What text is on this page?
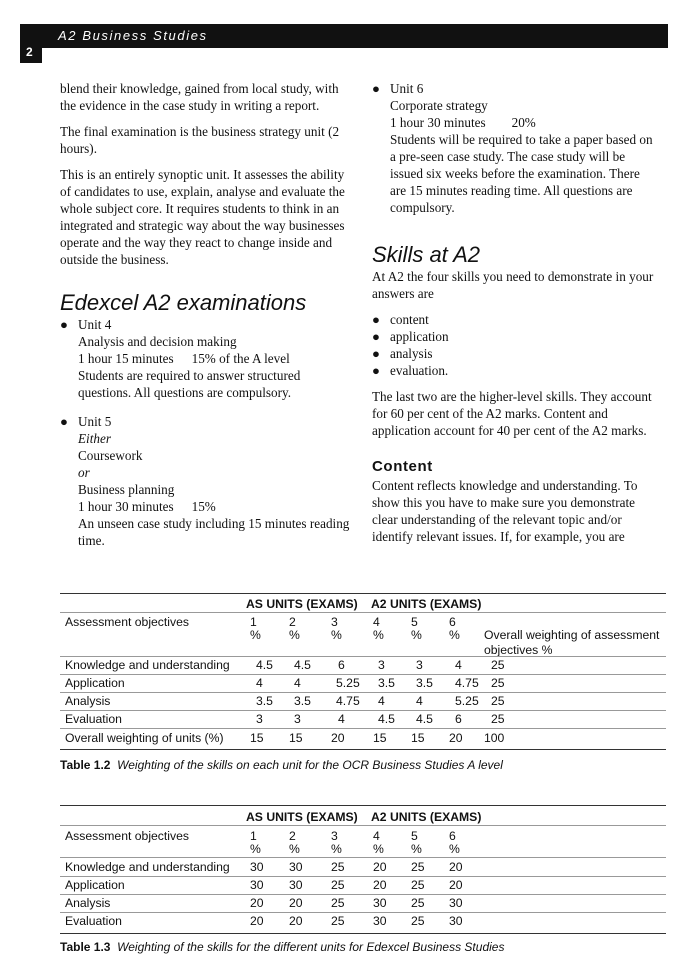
A2 Business Studies
2

blend their knowledge, gained from local study, with the evidence in the case study in writing a report.

The final examination is the business strategy unit (2 hours).

This is an entirely synoptic unit. It assesses the ability of candidates to use, explain, analyse and evaluate the whole subject core. It requires students to think in an integrated and strategic way about the way businesses operate and the way they react to change inside and outside the business.

Edexcel A2 examinations
● Unit 4
Analysis and decision making
1 hour 15 minutes 15% of the A level
Students are required to answer structured questions. All questions are compulsory.
● Unit 5
Either
Coursework
or
Business planning
1 hour 30 minutes 15%
An unseen case study including 15 minutes reading time.
● Unit 6
Corporate strategy
1 hour 30 minutes 20%
Students will be required to take a paper based on a pre-seen case study. The case study will be issued six weeks before the examination. There are 15 minutes reading time. All questions are compulsory.
Skills at A2

At A2 the four skills you need to demonstrate in your answers are

● content
● application
● analysis
● evaluation.

The last two are the higher-level skills. They account for 60 per cent of the A2 marks. Content and application account for 40 per cent of the A2 marks.

Content

Content reflects knowledge and understanding. To show this you have to make sure you demonstrate clear understanding of the relevant topic and/or identify relevant issues. If, for example, you are

AS UNITS (EXAMS) A2 UNITS (EXAMS)
Assessment objectives	1	2	3	4	5	6
% %	%	% % % Overall weighting of assessment objectives %
Knowledge and understanding 4.5 4.5 6	3	3	4 25
Application	4	4	5.25 3.5 3.5 4.75 25
Analysis	3.5 3.5 4.75 4	4	5.25 25
Evaluation	3	3	4	4.5 4.5 6 25
Overall weighting of units (%) 15 15 20 15 15 20 100
Table 1.2 Weighting of the skills on each unit for the OCR Business Studies A level
AS UNITS (EXAMS) A2 UNITS (EXAMS)
Assessment objectives	1	2	3	4	5	6
% %	%	% % %
Knowledge and understanding 30 30 25 20 25 20
Application	30 30 25 20 25 20
Analysis	20 20 25 30 25 30
Evaluation	20 20 25 30 25 30
Table 1.3 Weighting of the skills for the different units for Edexcel Business Studies
